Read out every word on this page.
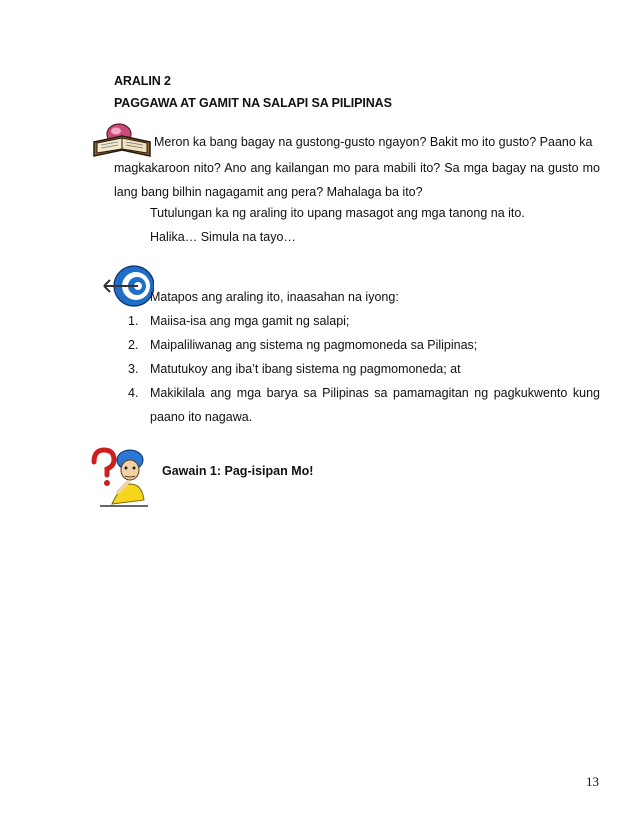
ARALIN 2
PAGGAWA AT GAMIT NA SALAPI SA PILIPINAS
Meron ka bang bagay na gustong-gusto ngayon? Bakit mo ito gusto? Paano ka
magkakaroon nito? Ano ang kailangan mo para mabili ito? Sa mga bagay na gusto mo lang bang bilhin nagagamit ang pera? Mahalaga ba ito?
Tutulungan ka ng araling ito upang masagot ang mga tanong na ito.
Halika… Simula na tayo…
Matapos ang araling ito, inaasahan na iyong:
1. Maiisa-isa ang mga gamit ng salapi;
2. Maipaliliwanag ang sistema ng pagmomoneda sa Pilipinas;
3. Matutukoy ang iba’t ibang sistema ng pagmomoneda; at
4. Makikilala ang mga barya sa Pilipinas sa pamamagitan ng pagkukwento kung
paano ito nagawa.
Gawain 1: Pag-isipan Mo!
13
